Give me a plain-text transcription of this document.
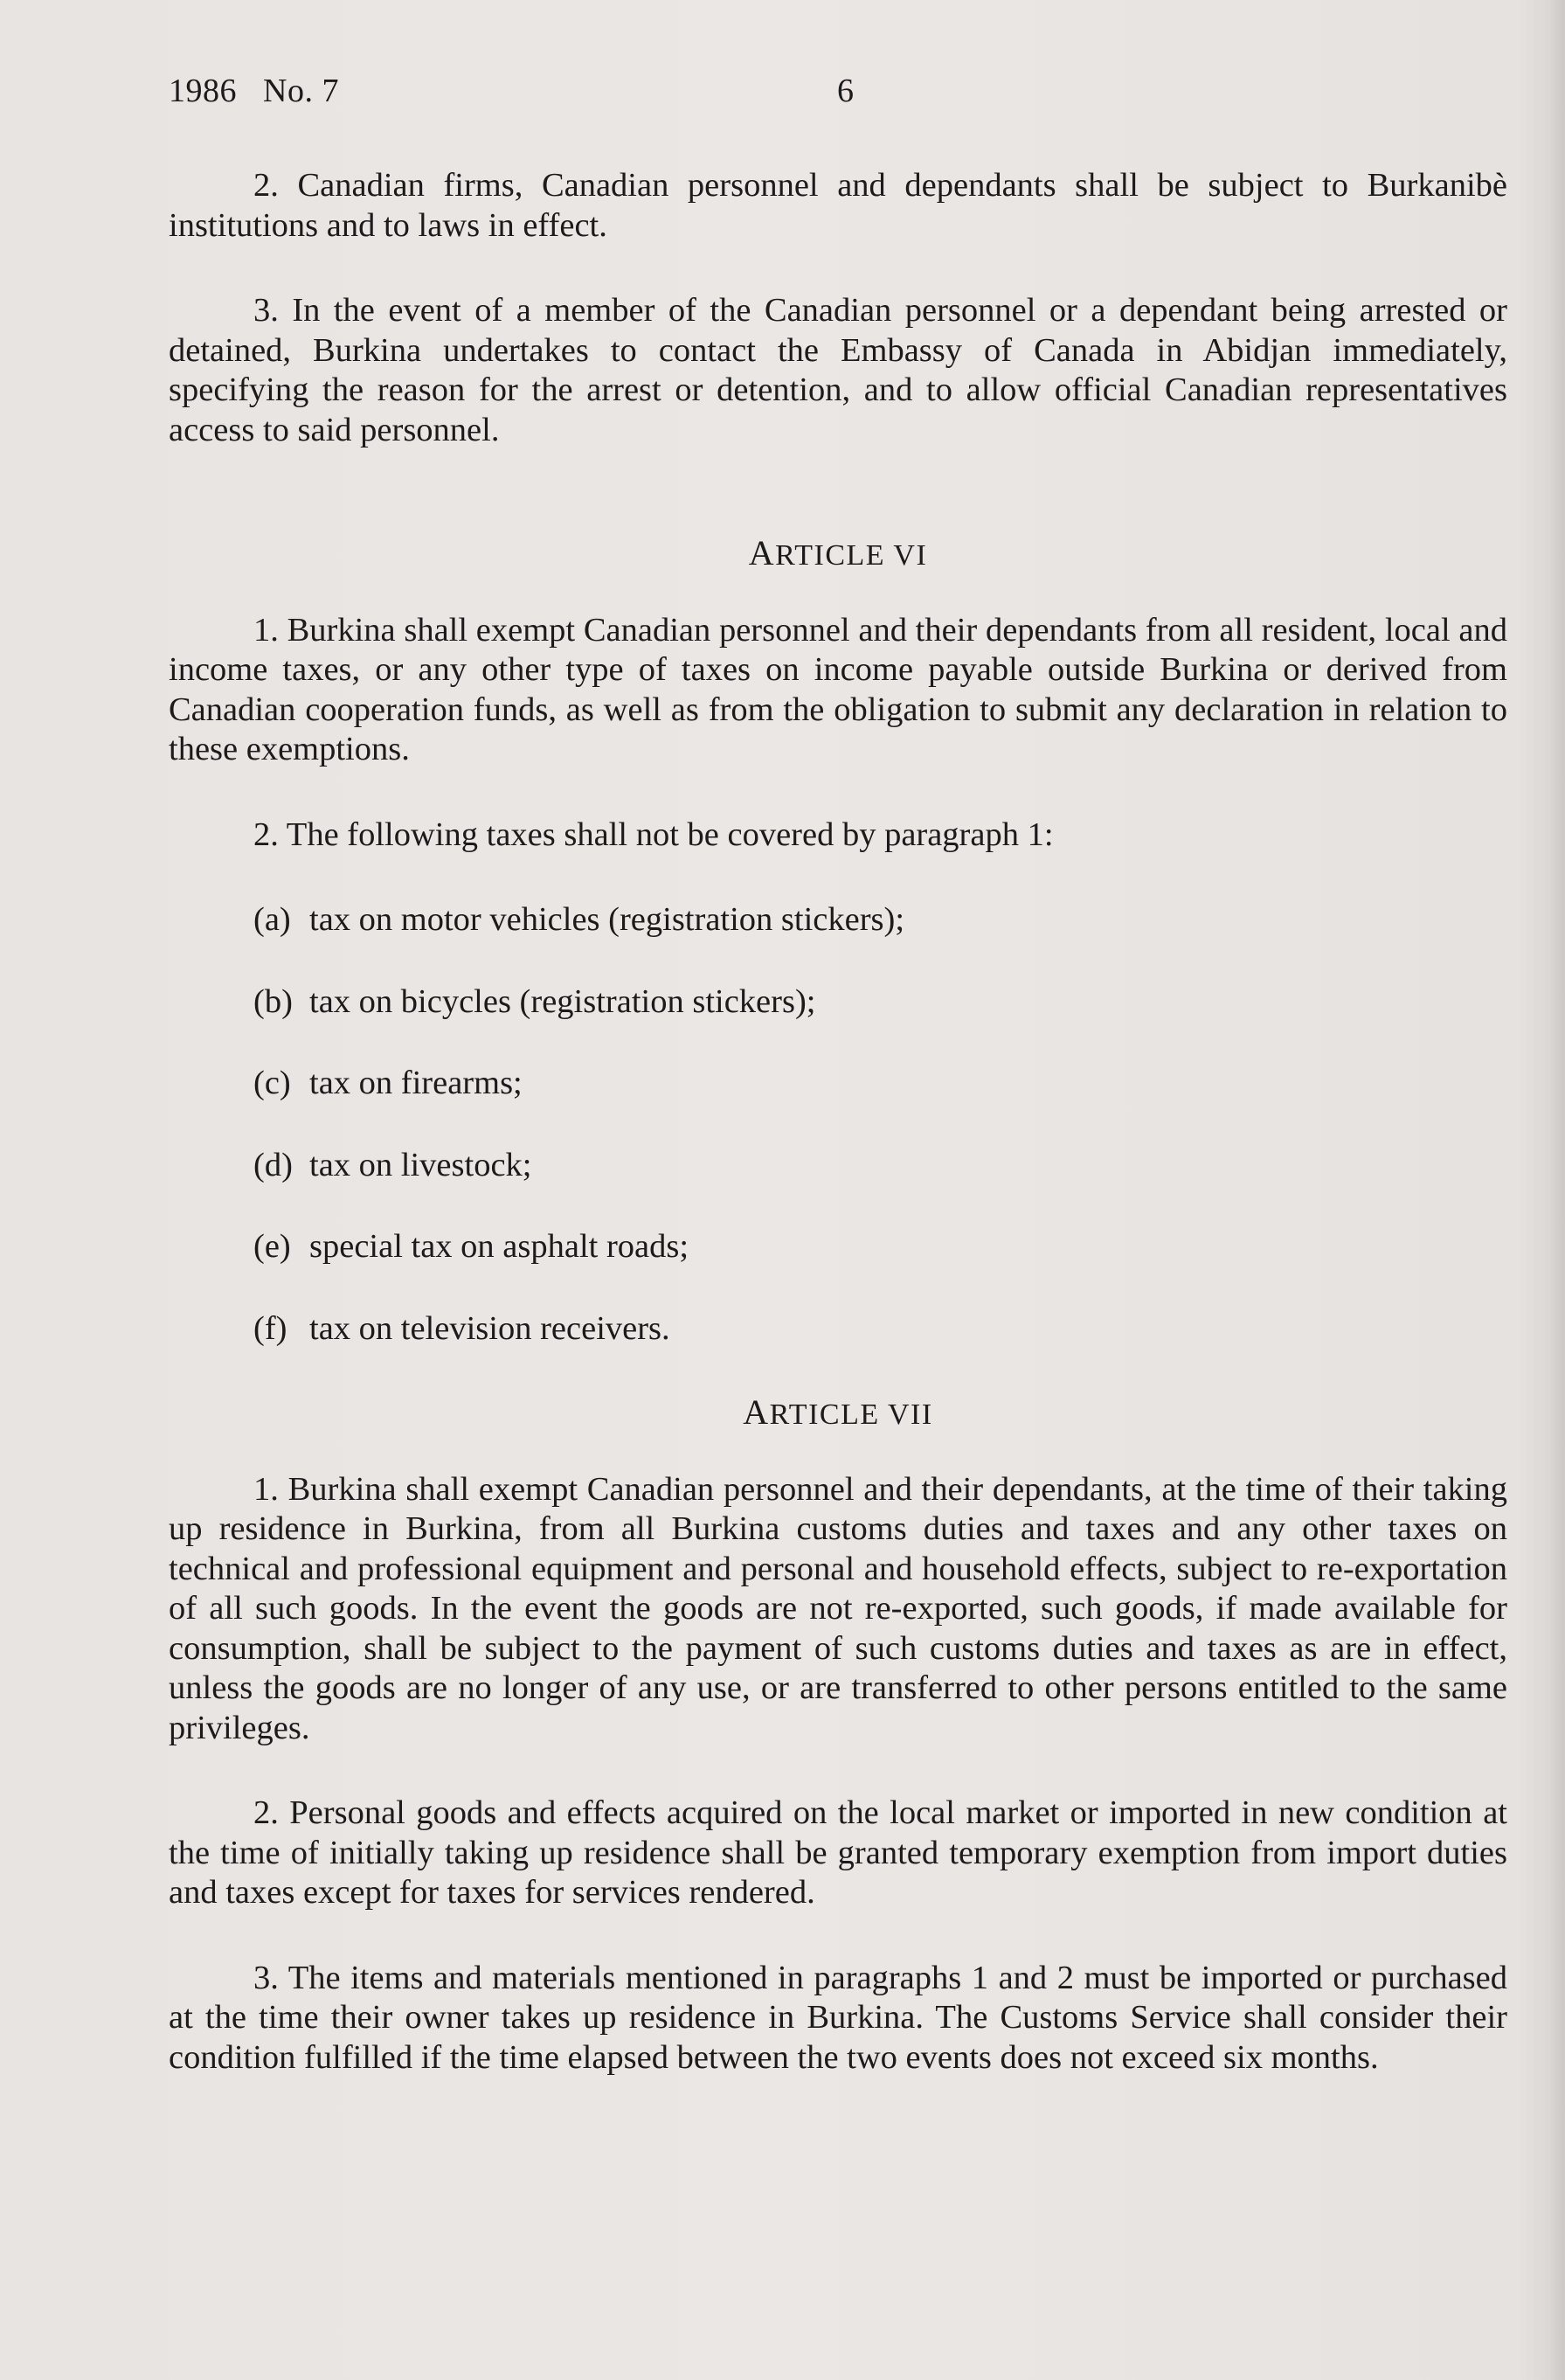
1986   No. 7	6

2. Canadian firms, Canadian personnel and dependants shall be subject to Burkanibè institutions and to laws in effect.

3. In the event of a member of the Canadian personnel or a dependant being arrested or detained, Burkina undertakes to contact the Embassy of Canada in Abidjan immediately, specifying the reason for the arrest or detention, and to allow official Canadian representatives access to said personnel.

ARTICLE VI

1. Burkina shall exempt Canadian personnel and their dependants from all resident, local and income taxes, or any other type of taxes on income payable outside Burkina or derived from Canadian cooperation funds, as well as from the obligation to submit any declaration in relation to these exemptions.

2. The following taxes shall not be covered by paragraph 1:

(a) tax on motor vehicles (registration stickers);
(b) tax on bicycles (registration stickers);
(c) tax on firearms;
(d) tax on livestock;
(e) special tax on asphalt roads;
(f) tax on television receivers.
ARTICLE VII

1. Burkina shall exempt Canadian personnel and their dependants, at the time of their taking up residence in Burkina, from all Burkina customs duties and taxes and any other taxes on technical and professional equipment and personal and household effects, subject to re-exportation of all such goods. In the event the goods are not re-exported, such goods, if made available for consumption, shall be subject to the payment of such customs duties and taxes as are in effect, unless the goods are no longer of any use, or are transferred to other persons entitled to the same privileges.

2. Personal goods and effects acquired on the local market or imported in new condition at the time of initially taking up residence shall be granted temporary exemption from import duties and taxes except for taxes for services rendered.

3. The items and materials mentioned in paragraphs 1 and 2 must be imported or purchased at the time their owner takes up residence in Burkina. The Customs Service shall consider their condition fulfilled if the time elapsed between the two events does not exceed six months.
